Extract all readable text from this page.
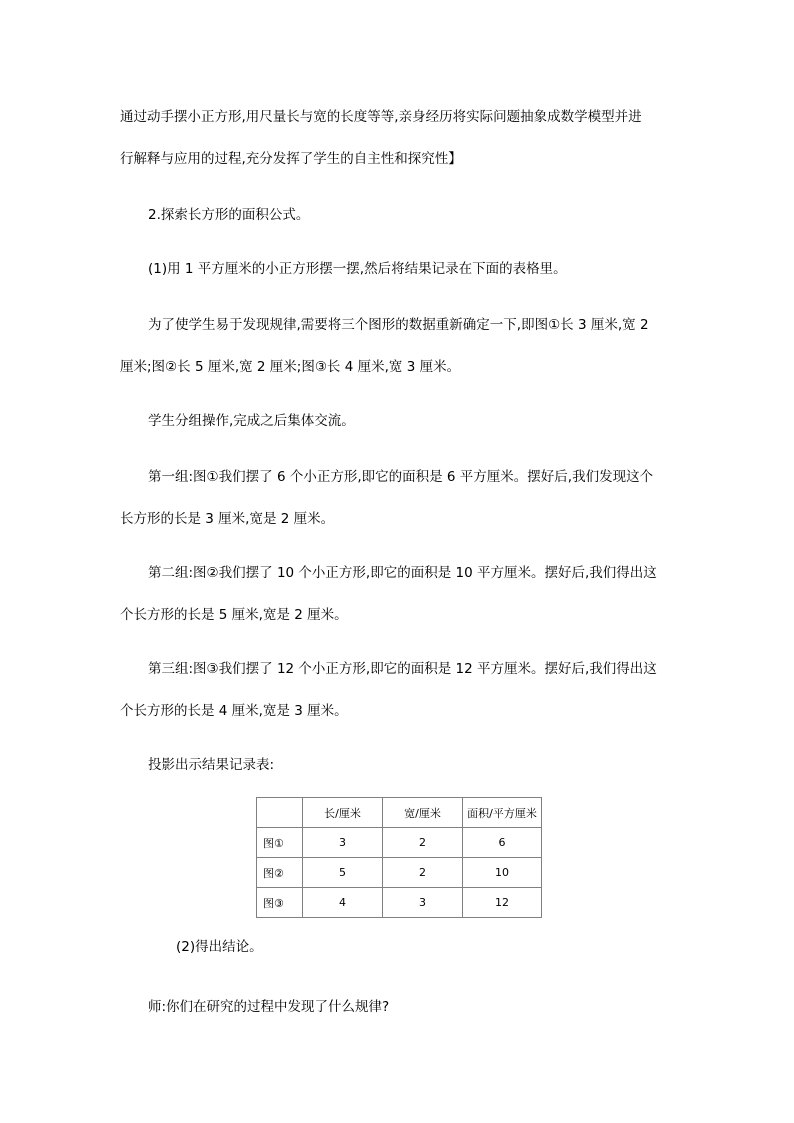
通过动手摆小正方形,用尺量长与宽的长度等等,亲身经历将实际问题抽象成数学模型并进
行解释与应用的过程,充分发挥了学生的自主性和探究性】
2.探索长方形的面积公式。
(1)用 1 平方厘米的小正方形摆一摆,然后将结果记录在下面的表格里。
为了使学生易于发现规律,需要将三个图形的数据重新确定一下,即图①长 3 厘米,宽 2
厘米;图②长 5 厘米,宽 2 厘米;图③长 4 厘米,宽 3 厘米。
学生分组操作,完成之后集体交流。
第一组:图①我们摆了 6 个小正方形,即它的面积是 6 平方厘米。摆好后,我们发现这个
长方形的长是 3 厘米,宽是 2 厘米。
第二组:图②我们摆了 10 个小正方形,即它的面积是 10 平方厘米。摆好后,我们得出这
个长方形的长是 5 厘米,宽是 2 厘米。
第三组:图③我们摆了 12 个小正方形,即它的面积是 12 平方厘米。摆好后,我们得出这
个长方形的长是 4 厘米,宽是 3 厘米。
投影出示结果记录表:
	长/厘米	宽/厘米	面积/平方厘米
图①	3	2	6
图②	5	2	10
图③	4	3	12
(2)得出结论。
师:你们在研究的过程中发现了什么规律?
